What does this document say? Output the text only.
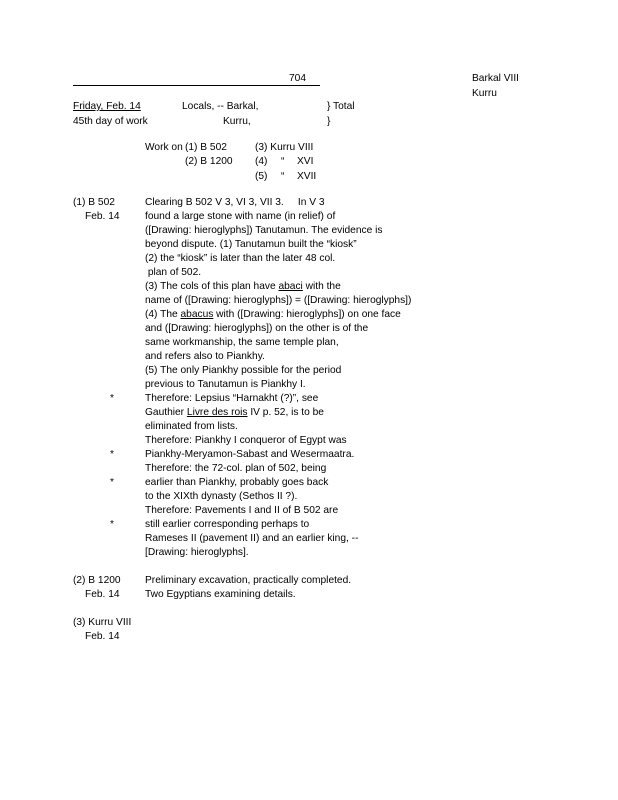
704	Barkal VIII
Kurru
Friday, Feb. 14
45th day of work
Locals, -- Barkal,
Kurru,
} Total
}
Work on (1) B 502
(2) B 1200
(3) Kurru VIII
(4) “ XVI
(5) “ XVII
(1) B 502
Feb. 14
Clearing B 502 V 3, VI 3, VII 3.     In V 3
found a large stone with name (in relief) of
([Drawing: hieroglyphs]) Tanutamun. The evidence is
beyond dispute. (1) Tanutamun built the “kiosk”
(2) the “kiosk” is later than the later 48 col.
plan of 502.
(3) The cols of this plan have abaci with the
name of ([Drawing: hieroglyphs]) = ([Drawing: hieroglyphs])
(4) The abacus with ([Drawing: hieroglyphs]) on one face
and ([Drawing: hieroglyphs]) on the other is of the
same workmanship, the same temple plan,
and refers also to Piankhy.
(5) The only Piankhy possible for the period
previous to Tanutamun is Piankhy I.
Therefore: Lepsius “Harnakht (?)”, see
Gauthier Livre des rois IV p. 52, is to be
eliminated from lists.
Therefore: Piankhy I conqueror of Egypt was
Piankhy-Meryamon-Sabast and Wesermaatra.
Therefore: the 72-col. plan of 502, being
earlier than Piankhy, probably goes back
to the XIXth dynasty (Sethos II ?).
Therefore: Pavements I and II of B 502 are
still earlier corresponding perhaps to
Rameses II (pavement II) and an earlier king, --
[Drawing: hieroglyphs].
*
*
*
*
(2) B 1200
Feb. 14
Preliminary excavation, practically completed.
Two Egyptians examining details.
(3) Kurru VIII
Feb. 14
